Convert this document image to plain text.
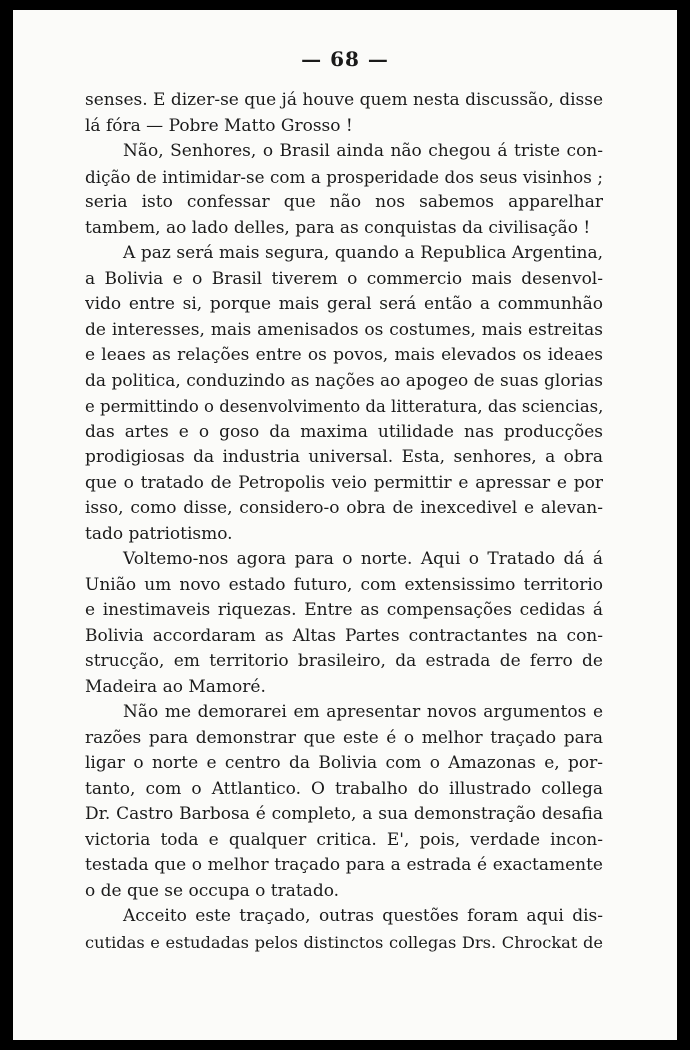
— 68 —
senses. E dizer-se que já houve quem nesta discussão, disse
lá fóra — Pobre Matto Grosso !
Não, Senhores, o Brasil ainda não chegou á triste con-
dição de intimidar-se com a prosperidade dos seus visinhos ;
seria isto confessar que não nos sabemos apparelhar
tambem, ao lado delles, para as conquistas da civilisação !
A paz será mais segura, quando a Republica Argentina,
a Bolivia e o Brasil tiverem o commercio mais desenvol-
vido entre si, porque mais geral será então a communhão
de interesses, mais amenisados os costumes, mais estreitas
e leaes as relações entre os povos, mais elevados os ideaes
da politica, conduzindo as nações ao apogeo de suas glorias
e permittindo o desenvolvimento da litteratura, das sciencias,
das artes e o goso da maxima utilidade nas producções
prodigiosas da industria universal. Esta, senhores, a obra
que o tratado de Petropolis veio permittir e apressar e por
isso, como disse, considero-o obra de inexcedivel e alevan-
tado patriotismo.
Voltemo-nos agora para o norte. Aqui o Tratado dá á
União um novo estado futuro, com extensissimo territorio
e inestimaveis riquezas. Entre as compensações cedidas á
Bolivia accordaram as Altas Partes contractantes na con-
strucção, em territorio brasileiro, da estrada de ferro de
Madeira ao Mamoré.
Não me demorarei em apresentar novos argumentos e
razões para demonstrar que este é o melhor traçado para
ligar o norte e centro da Bolivia com o Amazonas e, por-
tanto, com o Attlantico. O trabalho do illustrado collega
Dr. Castro Barbosa é completo, a sua demonstração desafia
victoria toda e qualquer critica. E', pois, verdade incon-
testada que o melhor traçado para a estrada é exactamente
o de que se occupa o tratado.
Acceito este traçado, outras questões foram aqui dis-
cutidas e estudadas pelos distinctos collegas Drs. Chrockat de
